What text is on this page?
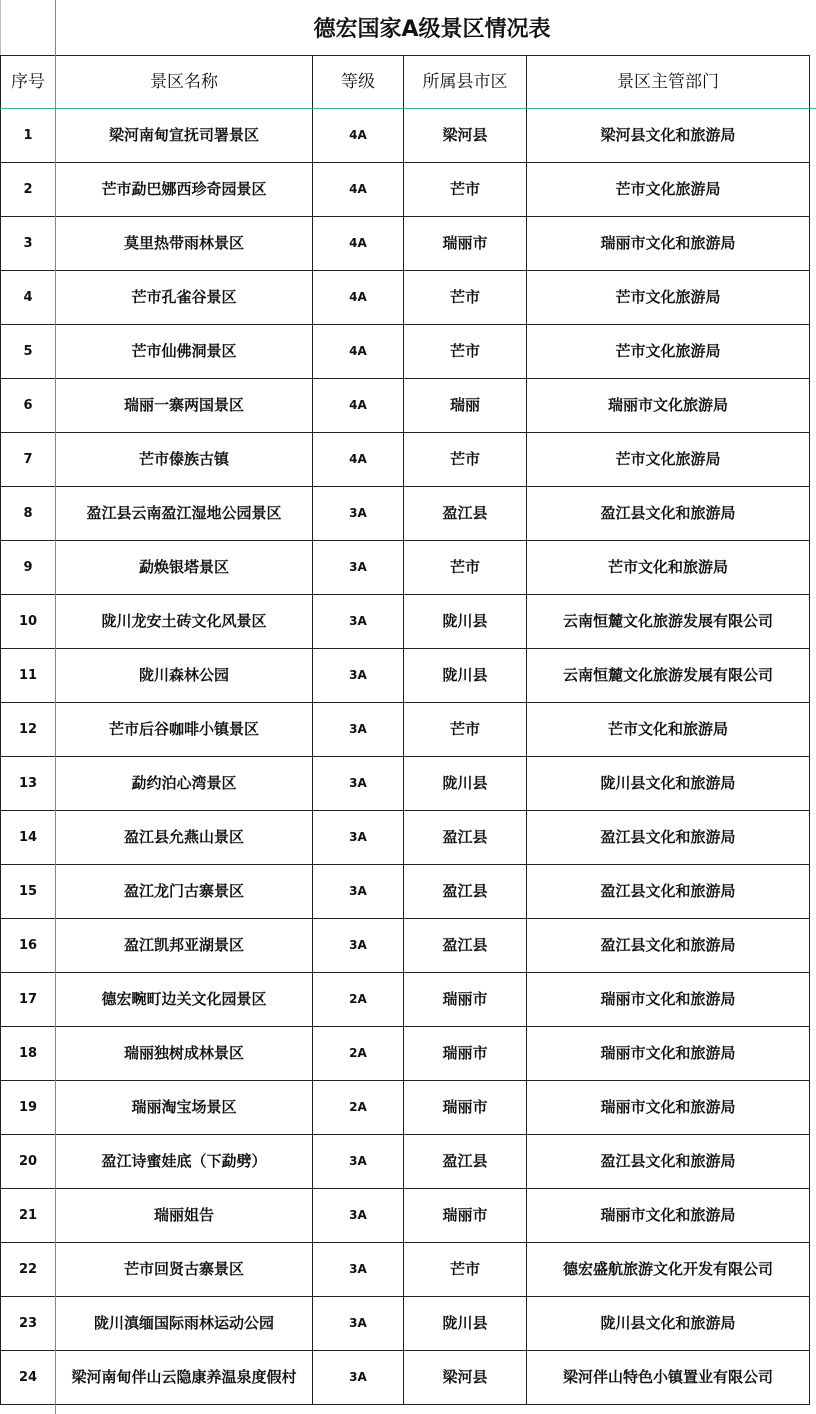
德宏国家A级景区情况表
序号	景区名称	等级	所属县市区	景区主管部门
1	梁河南甸宣抚司署景区	4A	梁河县	梁河县文化和旅游局
2	芒市勐巴娜西珍奇园景区	4A	芒市	芒市文化旅游局
3	莫里热带雨林景区	4A	瑞丽市	瑞丽市文化和旅游局
4	芒市孔雀谷景区	4A	芒市	芒市文化旅游局
5	芒市仙佛洞景区	4A	芒市	芒市文化旅游局
6	瑞丽一寨两国景区	4A	瑞丽	瑞丽市文化旅游局
7	芒市傣族古镇	4A	芒市	芒市文化旅游局
8	盈江县云南盈江湿地公园景区	3A	盈江县	盈江县文化和旅游局
9	勐焕银塔景区	3A	芒市	芒市文化和旅游局
10	陇川龙安土砖文化风景区	3A	陇川县	云南恒麓文化旅游发展有限公司
11	陇川森林公园	3A	陇川县	云南恒麓文化旅游发展有限公司
12	芒市后谷咖啡小镇景区	3A	芒市	芒市文化和旅游局
13	勐约泊心湾景区	3A	陇川县	陇川县文化和旅游局
14	盈江县允燕山景区	3A	盈江县	盈江县文化和旅游局
15	盈江龙门古寨景区	3A	盈江县	盈江县文化和旅游局
16	盈江凯邦亚湖景区	3A	盈江县	盈江县文化和旅游局
17	德宏畹町边关文化园景区	2A	瑞丽市	瑞丽市文化和旅游局
18	瑞丽独树成林景区	2A	瑞丽市	瑞丽市文化和旅游局
19	瑞丽淘宝场景区	2A	瑞丽市	瑞丽市文化和旅游局
20	盈江诗蜜娃底（下勐劈）	3A	盈江县	盈江县文化和旅游局
21	瑞丽姐告	3A	瑞丽市	瑞丽市文化和旅游局
22	芒市回贤古寨景区	3A	芒市	德宏盛航旅游文化开发有限公司
23	陇川滇缅国际雨林运动公园	3A	陇川县	陇川县文化和旅游局
24	梁河南甸伴山云隐康养温泉度假村	3A	梁河县	梁河伴山特色小镇置业有限公司
